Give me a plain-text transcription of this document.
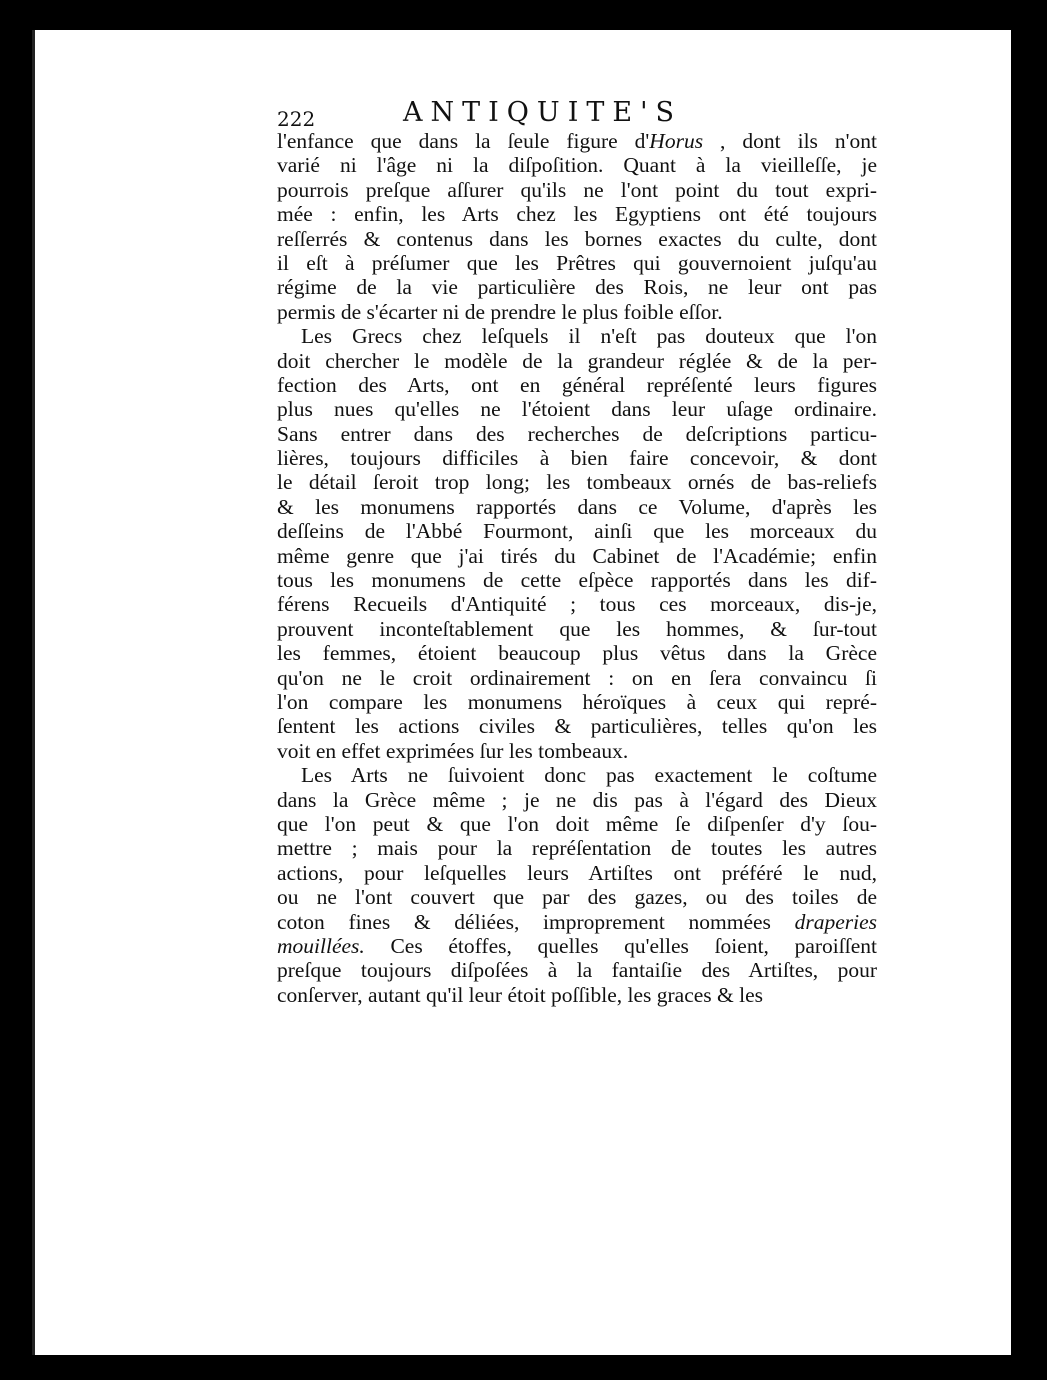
222	ANTIQUITE'S
l'enfance que dans la ſeule figure d'Horus , dont ils n'ont
varié ni l'âge ni la diſpoſition. Quant à la vieilleſſe, je
pourrois preſque aſſurer qu'ils ne l'ont point du tout expri-
mée : enfin, les Arts chez les Egyptiens ont été toujours
reſſerrés & contenus dans les bornes exactes du culte, dont
il eſt à préſumer que les Prêtres qui gouvernoient juſqu'au
régime de la vie particulière des Rois, ne leur ont pas
permis de s'écarter ni de prendre le plus foible eſſor.
Les Grecs chez leſquels il n'eſt pas douteux que l'on
doit chercher le modèle de la grandeur réglée & de la per-
fection des Arts, ont en général repréſenté leurs figures
plus nues qu'elles ne l'étoient dans leur uſage ordinaire.
Sans entrer dans des recherches de deſcriptions particu-
lières, toujours difficiles à bien faire concevoir, & dont
le détail ſeroit trop long; les tombeaux ornés de bas-reliefs
& les monumens rapportés dans ce Volume, d'après les
deſſeins de l'Abbé Fourmont, ainſi que les morceaux du
même genre que j'ai tirés du Cabinet de l'Académie; enfin
tous les monumens de cette eſpèce rapportés dans les dif-
férens Recueils d'Antiquité ; tous ces morceaux, dis-je,
prouvent inconteſtablement que les hommes, & ſur-tout
les femmes, étoient beaucoup plus vêtus dans la Grèce
qu'on ne le croit ordinairement : on en ſera convaincu ſi
l'on compare les monumens héroïques à ceux qui repré-
ſentent les actions civiles & particulières, telles qu'on les
voit en effet exprimées ſur les tombeaux.
Les Arts ne ſuivoient donc pas exactement le coſtume
dans la Grèce même ; je ne dis pas à l'égard des Dieux
que l'on peut & que l'on doit même ſe diſpenſer d'y ſou-
mettre ; mais pour la repréſentation de toutes les autres
actions, pour leſquelles leurs Artiſtes ont préféré le nud,
ou ne l'ont couvert que par des gazes, ou des toiles de
coton fines & déliées, improprement nommées draperies
mouillées. Ces étoffes, quelles qu'elles ſoient, paroiſſent
preſque toujours diſpoſées à la fantaiſie des Artiſtes, pour
conſerver, autant qu'il leur étoit poſſible, les graces & les
